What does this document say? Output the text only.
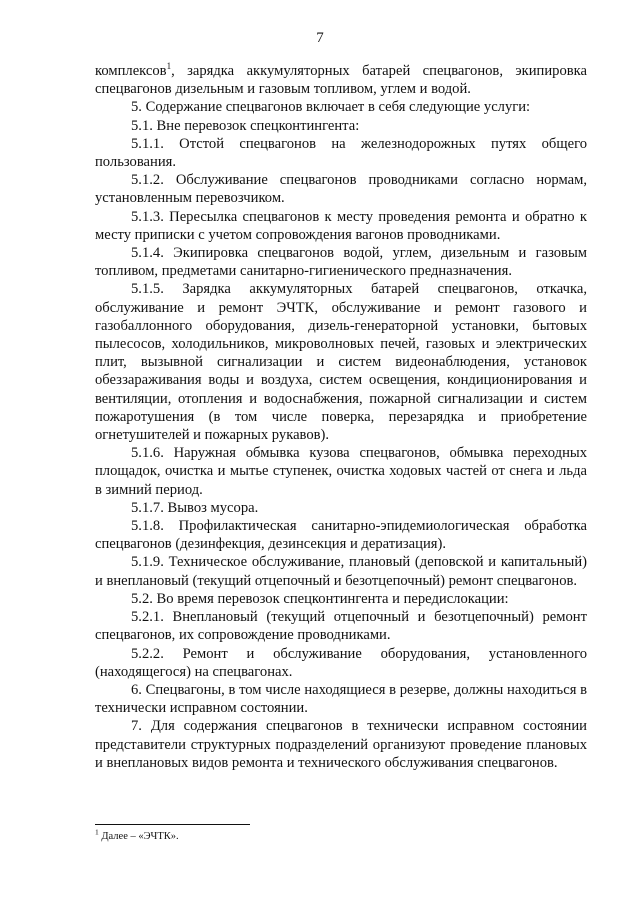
7

комплексов$^1$, зарядка аккумуляторных батарей спецвагонов, экипировка спецвагонов дизельным и газовым топливом, углем и водой.

5. Содержание спецвагонов включает в себя следующие услуги:

5.1. Вне перевозок спецконтингента:

5.1.1. Отстой спецвагонов на железнодорожных путях общего пользования.

5.1.2. Обслуживание спецвагонов проводниками согласно нормам, установленным перевозчиком.

5.1.3. Пересылка спецвагонов к месту проведения ремонта и обратно к месту приписки с учетом сопровождения вагонов проводниками.

5.1.4. Экипировка спецвагонов водой, углем, дизельным и газовым топливом, предметами санитарно-гигиенического предназначения.

5.1.5. Зарядка аккумуляторных батарей спецвагонов, откачка, обслуживание и ремонт ЭЧТК, обслуживание и ремонт газового и газобаллонного оборудования, дизель-генераторной установки, бытовых пылесосов, холодильников, микроволновых печей, газовых и электрических плит, вызывной сигнализации и систем видеонаблюдения, установок обеззараживания воды и воздуха, систем освещения, кондиционирования и вентиляции, отопления и водоснабжения, пожарной сигнализации и систем пожаротушения (в том числе поверка, перезарядка и приобретение огнетушителей и пожарных рукавов).

5.1.6. Наружная обмывка кузова спецвагонов, обмывка переходных площадок, очистка и мытье ступенек, очистка ходовых частей от снега и льда в зимний период.

5.1.7. Вывоз мусора.

5.1.8. Профилактическая санитарно-эпидемиологическая обработка спецвагонов (дезинфекция, дезинсекция и дератизация).

5.1.9. Техническое обслуживание, плановый (деповской и капитальный) и внеплановый (текущий отцепочный и безотцепочный) ремонт спецвагонов.

5.2. Во время перевозок спецконтингента и передислокации:

5.2.1. Внеплановый (текущий отцепочный и безотцепочный) ремонт спецвагонов, их сопровождение проводниками.

5.2.2. Ремонт и обслуживание оборудования, установленного (находящегося) на спецвагонах.

6. Спецвагоны, в том числе находящиеся в резерве, должны находиться в технически исправном состоянии.

7. Для содержания спецвагонов в технически исправном состоянии представители структурных подразделений организуют проведение плановых и внеплановых видов ремонта и технического обслуживания спецвагонов.

$^1$ Далее – «ЭЧТК».
